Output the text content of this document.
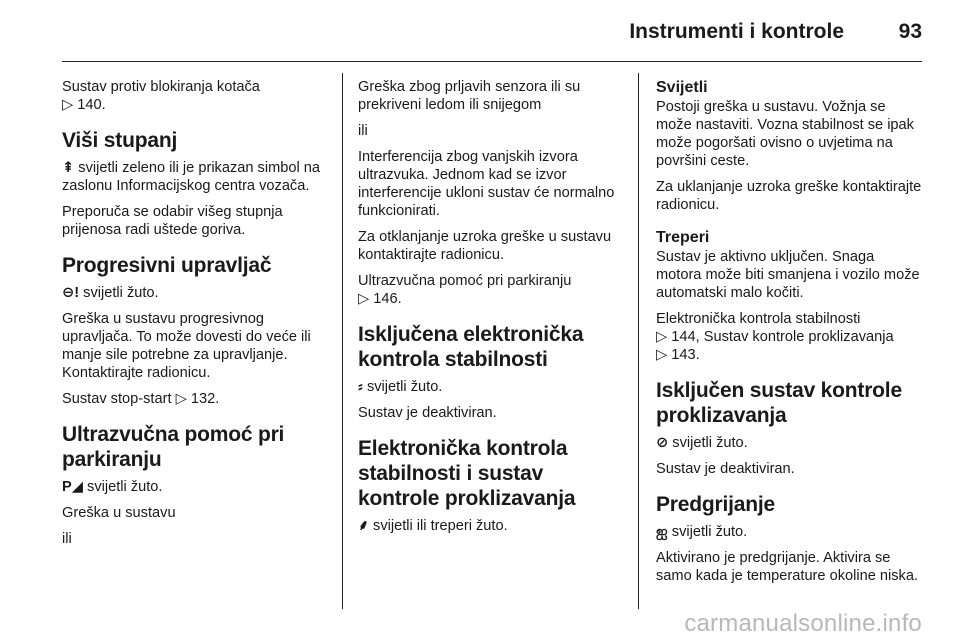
Instrumenti i kontrole	93

Sustav protiv blokiranja kotača
▷ 140.

Viši stupanj

⇞ svijetli zeleno ili je prikazan simbol na zaslonu Informacijskog centra vozača.

Preporuča se odabir višeg stupnja prijenosa radi uštede goriva.

Progresivni upravljač

⊖! svijetli žuto.

Greška u sustavu progresivnog upravljača. To može dovesti do veće ili manje sile potrebne za upravljanje. Kontaktirajte radionicu.

Sustav stop-start ▷ 132.

Ultrazvučna pomoć pri parkiranju

P◢ svijetli žuto.

Greška u sustavu

ili

Greška zbog prljavih senzora ili su prekriveni ledom ili snijegom

ili

Interferencija zbog vanjskih izvora ultrazvuka. Jednom kad se izvor interferencije ukloni sustav će normalno funkcionirati.

Za otklanjanje uzroka greške u sustavu kontaktirajte radionicu.

Ultrazvučna pomoć pri parkiranju
▷ 146.

Isključena elektronička kontrola stabilnosti

⸗ svijetli žuto.

Sustav je deaktiviran.

Elektronička kontrola stabilnosti i sustav kontrole proklizavanja

⸙ svijetli ili treperi žuto.

Svijetli

Postoji greška u sustavu. Vožnja se može nastaviti. Vozna stabilnost se ipak može pogoršati ovisno o uvjetima na površini ceste.

Za uklanjanje uzroka greške kontaktirajte radionicu.

Treperi

Sustav je aktivno uključen. Snaga motora može biti smanjena i vozilo može automatski malo kočiti.

Elektronička kontrola stabilnosti
▷ 144, Sustav kontrole proklizavanja
▷ 143.

Isključen sustav kontrole proklizavanja

⊘ svijetli žuto.

Sustav je deaktiviran.

Predgrijanje

ஐ svijetli žuto.

Aktivirano je predgrijanje. Aktivira se samo kada je temperature okoline niska.

carmanualsonline.info
